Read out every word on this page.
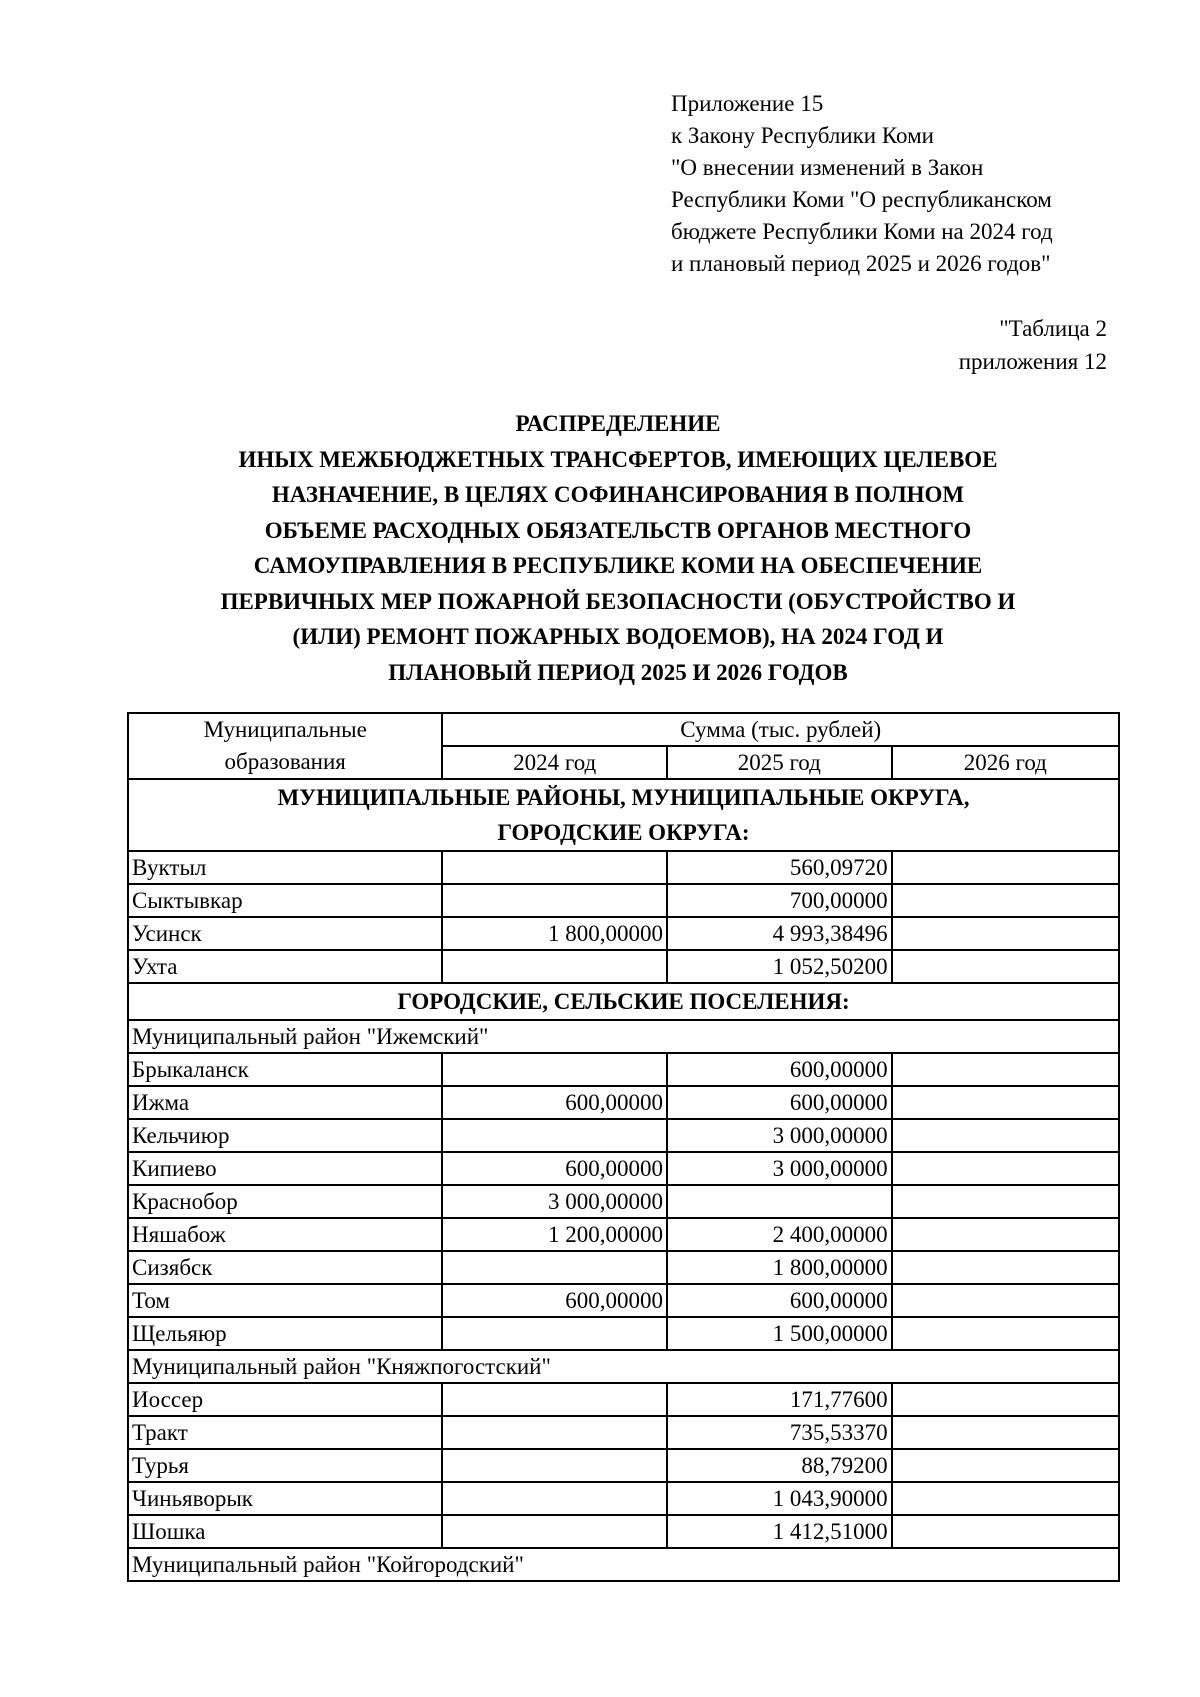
Приложение 15
к Закону Республики Коми
"О внесении изменений в Закон
Республики Коми "О республиканском
бюджете Республики Коми на 2024 год
и плановый период 2025 и 2026 годов"
"Таблица 2
приложения 12
РАСПРЕДЕЛЕНИЕ
ИНЫХ МЕЖБЮДЖЕТНЫХ ТРАНСФЕРТОВ, ИМЕЮЩИХ ЦЕЛЕВОЕ
НАЗНАЧЕНИЕ, В ЦЕЛЯХ СОФИНАНСИРОВАНИЯ В ПОЛНОМ
ОБЪЕМЕ РАСХОДНЫХ ОБЯЗАТЕЛЬСТВ ОРГАНОВ МЕСТНОГО
САМОУПРАВЛЕНИЯ В РЕСПУБЛИКЕ КОМИ НА ОБЕСПЕЧЕНИЕ
ПЕРВИЧНЫХ МЕР ПОЖАРНОЙ БЕЗОПАСНОСТИ (ОБУСТРОЙСТВО И
(ИЛИ) РЕМОНТ ПОЖАРНЫХ ВОДОЕМОВ), НА 2024 ГОД И
ПЛАНОВЫЙ ПЕРИОД 2025 И 2026 ГОДОВ
Муниципальные
образования	Сумма (тыс. рублей)		
	2024 год	2025 год	2026 год

МУНИЦИПАЛЬНЫЕ РАЙОНЫ, МУНИЦИПАЛЬНЫЕ ОКРУГА,
ГОРОДСКИЕ ОКРУГА:			

Вуктыл		560,09720	
Сыктывкар		700,00000	
Усинск	1 800,00000	4 993,38496	
Ухта		1 052,50200	
ГОРОДСКИЕ, СЕЛЬСКИЕ ПОСЕЛЕНИЯ:			
Муниципальный район "Ижемский"			
Брыкаланск		600,00000	
Ижма	600,00000	600,00000	
Кельчиюр		3 000,00000	
Кипиево	600,00000	3 000,00000	
Краснобор	3 000,00000		
Няшабож	1 200,00000	2 400,00000	
Сизябск		1 800,00000	
Том	600,00000	600,00000	
Щельяюр		1 500,00000	
Муниципальный район "Княжпогостский"			
Иоссер		171,77600	
Тракт		735,53370	
Турья		88,79200	
Чиньяворык		1 043,90000	
Шошка		1 412,51000	
Муниципальный район "Койгородский"			
